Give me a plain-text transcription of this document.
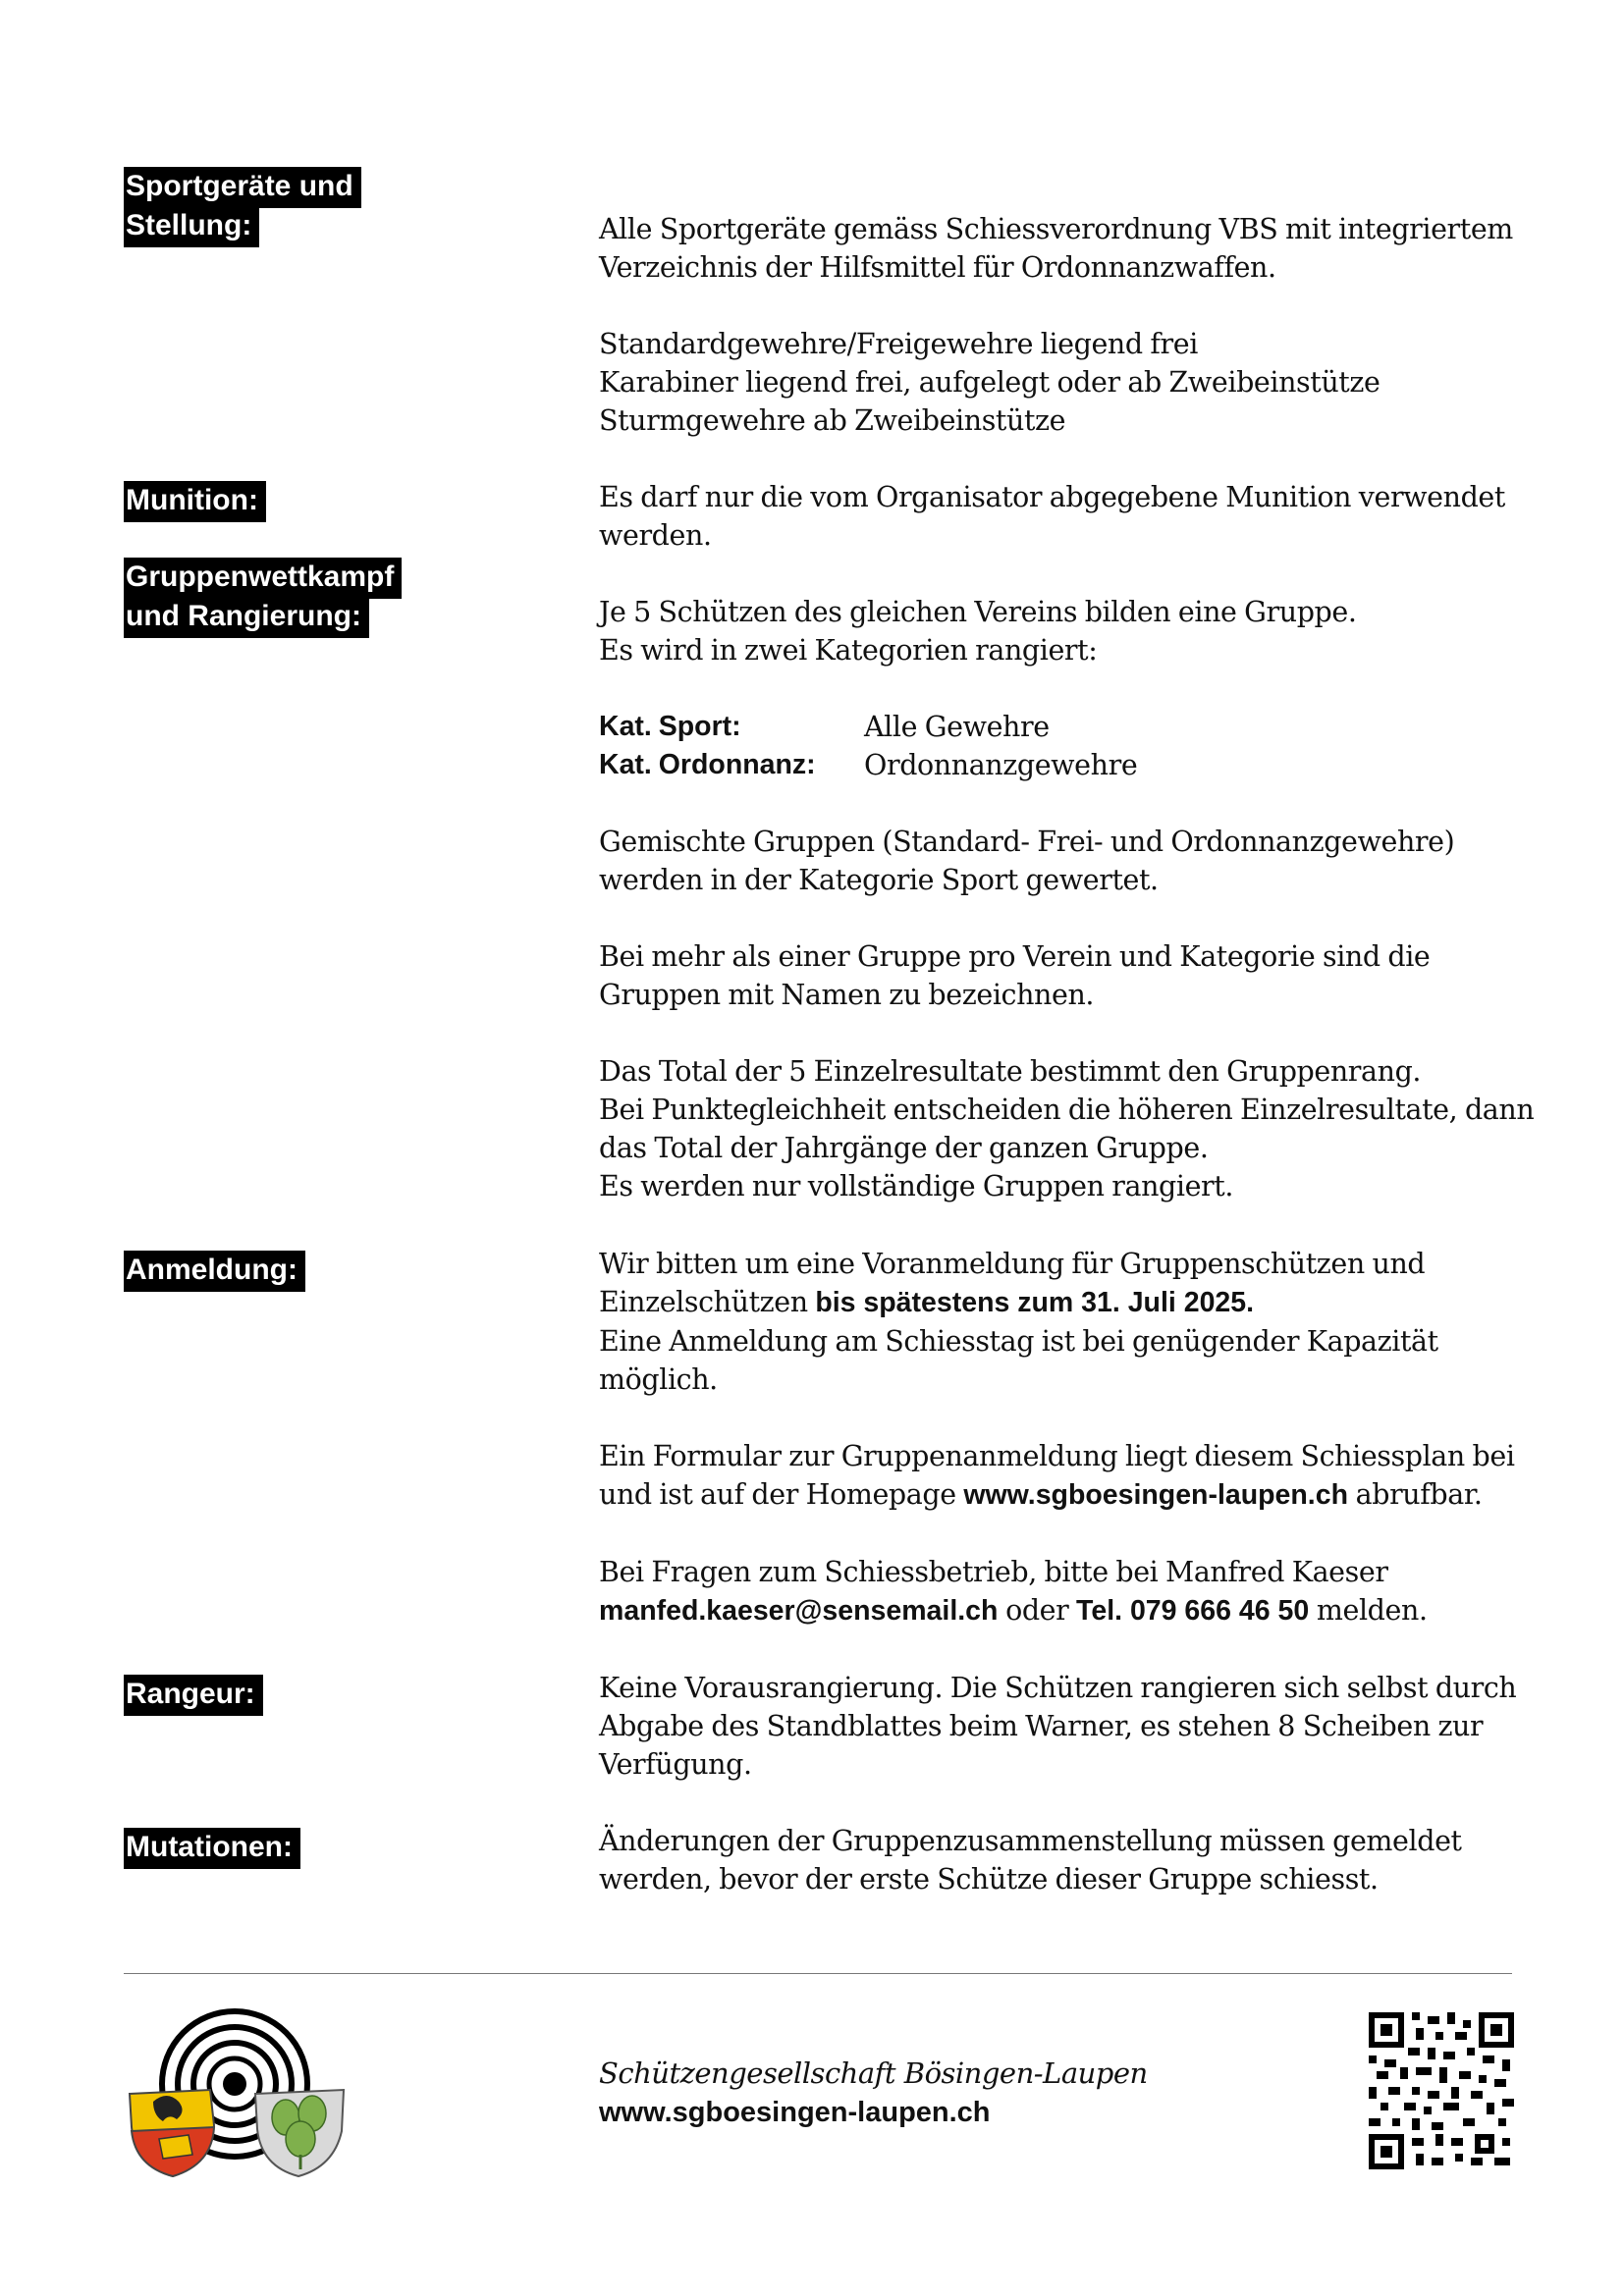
Sportgeräte und Stellung:
Munition:
Gruppenwettkampf und Rangierung:
Anmeldung:
Rangeur:
Mutationen:

Alle Sportgeräte gemäss Schiessverordnung VBS mit integriertem
Verzeichnis der Hilfsmittel für Ordonnanzwaffen.

Standardgewehre/Freigewehre liegend frei
Karabiner liegend frei, aufgelegt oder ab Zweibeinstütze
Sturmgewehre ab Zweibeinstütze

Es darf nur die vom Organisator abgegebene Munition verwendet
werden.

Je 5 Schützen des gleichen Vereins bilden eine Gruppe.
Es wird in zwei Kategorien rangiert:

Kat. Sport:	Alle Gewehre
Kat. Ordonnanz:	Ordonnanzgewehre

Gemischte Gruppen (Standard- Frei- und Ordonnanzgewehre)
werden in der Kategorie Sport gewertet.

Bei mehr als einer Gruppe pro Verein und Kategorie sind die
Gruppen mit Namen zu bezeichnen.

Das Total der 5 Einzelresultate bestimmt den Gruppenrang.
Bei Punktegleichheit entscheiden die höheren Einzelresultate, dann
das Total der Jahrgänge der ganzen Gruppe.
Es werden nur vollständige Gruppen rangiert.

Wir bitten um eine Voranmeldung für Gruppenschützen und
Einzelschützen bis spätestens zum 31. Juli 2025.
Eine Anmeldung am Schiesstag ist bei genügender Kapazität
möglich.

Ein Formular zur Gruppenanmeldung liegt diesem Schiessplan bei
und ist auf der Homepage www.sgboesingen-laupen.ch abrufbar.

Bei Fragen zum Schiessbetrieb, bitte bei Manfred Kaeser
manfed.kaeser@sensemail.ch oder Tel. 079 666 46 50 melden.

Keine Vorausrangierung. Die Schützen rangieren sich selbst durch
Abgabe des Standblattes beim Warner, es stehen 8 Scheiben zur
Verfügung.

Änderungen der Gruppenzusammenstellung müssen gemeldet
werden, bevor der erste Schütze dieser Gruppe schiesst.

Schützengesellschaft Bösingen-Laupen
www.sgboesingen-laupen.ch
